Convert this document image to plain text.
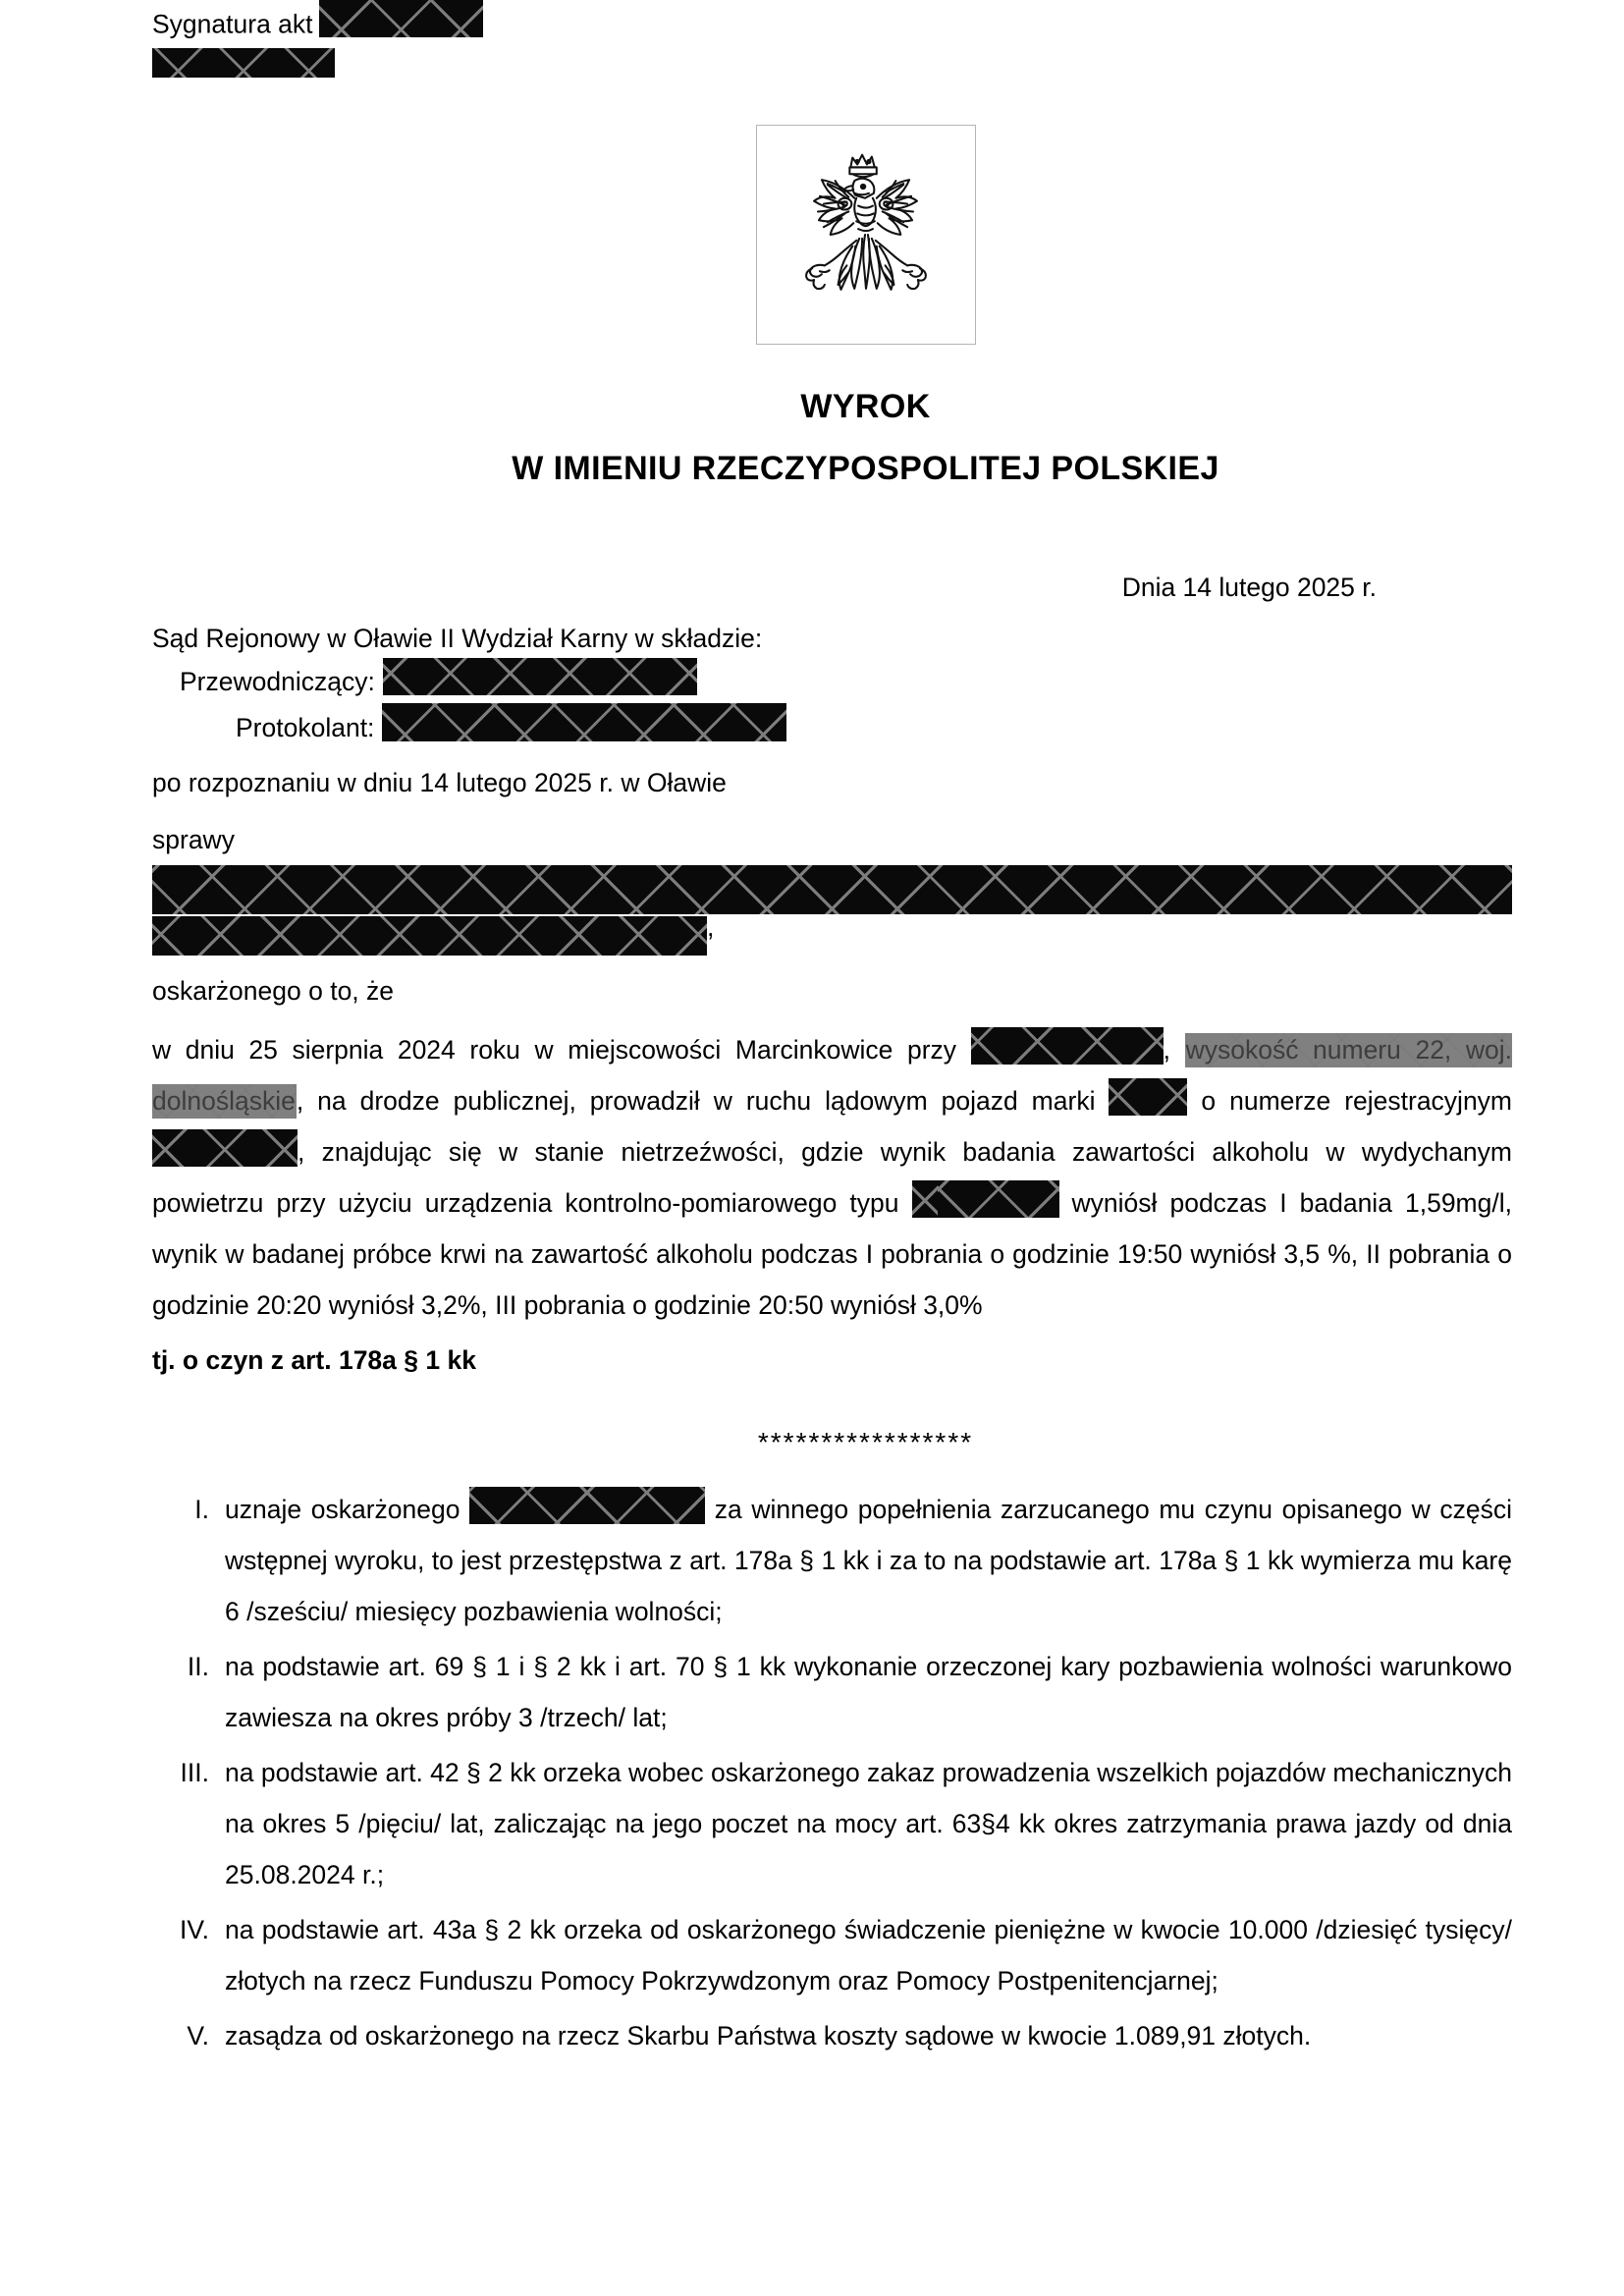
Sygnatura akt
WYROK
W IMIENIU RZECZYPOSPOLITEJ POLSKIEJ
Dnia 14 lutego 2025 r.
Sąd Rejonowy w Oławie II Wydział Karny w składzie:
Przewodniczący:
Protokolant:
po rozpoznaniu w dniu 14 lutego 2025 r. w Oławie
sprawy
,
oskarżonego o to, że
w dniu 25 sierpnia 2024 roku w miejscowości Marcinkowice przy	, wysokość numeru 22, woj. dolnośląskie, na drodze publicznej, prowadził w ruchu lądowym pojazd marki	o numerze rejestracyjnym , znajdując się w stanie nietrzeźwości, gdzie wynik badania zawartości alkoholu w wydychanym powietrzu przy użyciu urządzenia kontrolno-pomiarowego typu	wyniósł podczas I badania 1,59mg/l, wynik w badanej próbce krwi na zawartość alkoholu podczas I pobrania o godzinie 19:50 wyniósł 3,5 %, II pobrania o godzinie 20:20 wyniósł 3,2%, III pobrania o godzinie 20:50 wyniósł 3,0%
tj. o czyn z art. 178a § 1 kk
*****************
I. uznaje oskarżonego	za winnego popełnienia zarzucanego mu czynu opisanego w części wstępnej wyroku, to jest przestępstwa z art. 178a § 1 kk i za to na podstawie art. 178a § 1 kk wymierza mu karę 6 /sześciu/ miesięcy pozbawienia wolności;
II. na podstawie art. 69 § 1 i § 2 kk i art. 70 § 1 kk wykonanie orzeczonej kary pozbawienia wolności warunkowo zawiesza na okres próby 3 /trzech/ lat;
III. na podstawie art. 42 § 2 kk orzeka wobec oskarżonego zakaz prowadzenia wszelkich pojazdów mechanicznych na okres 5 /pięciu/ lat, zaliczając na jego poczet na mocy art. 63§4 kk okres zatrzymania prawa jazdy od dnia 25.08.2024 r.;
IV. na podstawie art. 43a § 2 kk orzeka od oskarżonego świadczenie pieniężne w kwocie 10.000 /dziesięć tysięcy/ złotych na rzecz Funduszu Pomocy Pokrzywdzonym oraz Pomocy Postpenitencjarnej;
V. zasądza od oskarżonego na rzecz Skarbu Państwa koszty sądowe w kwocie 1.089,91 złotych.
